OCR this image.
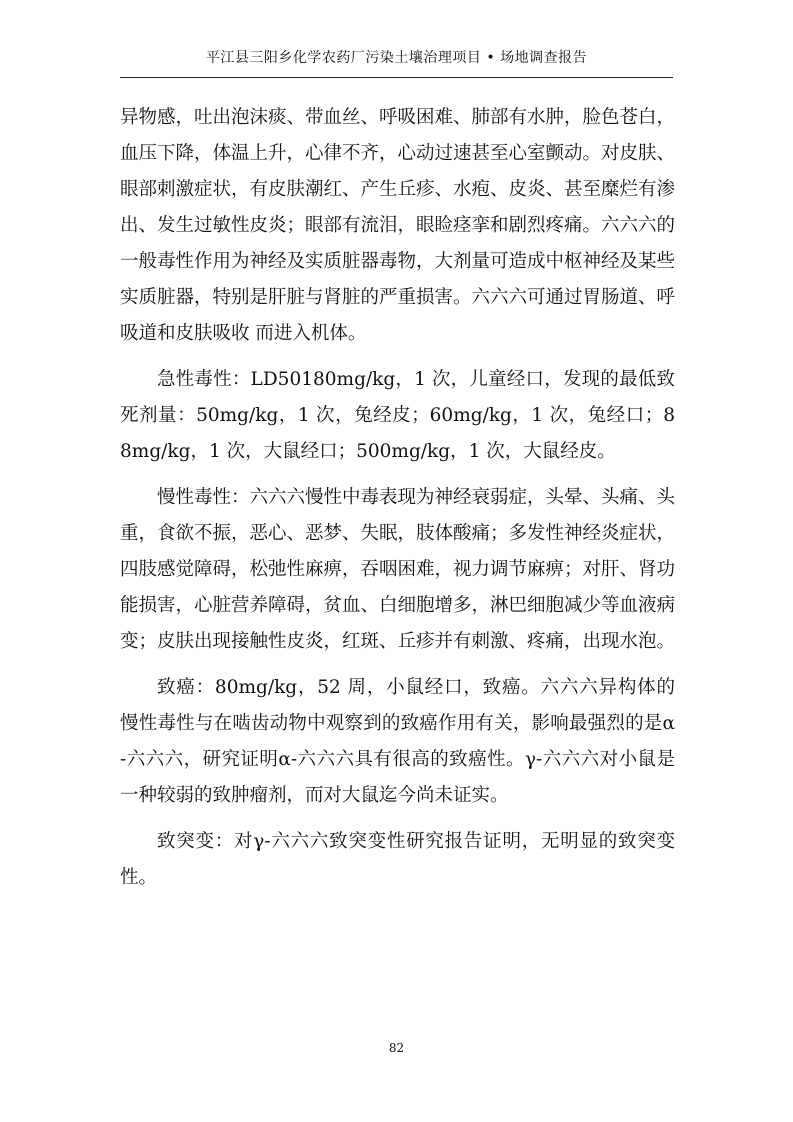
平江县三阳乡化学农药厂污染土壤治理项目 • 场地调查报告

异物感，吐出泡沫痰、带血丝、呼吸困难、肺部有水肿，脸色苍白，血压下降，体温上升，心律不齐，心动过速甚至心室颤动。对皮肤、眼部刺激症状，有皮肤潮红、产生丘疹、水疱、皮炎、甚至糜烂有渗出、发生过敏性皮炎；眼部有流泪，眼睑痉挛和剧烈疼痛。六六六的一般毒性作用为神经及实质脏器毒物，大剂量可造成中枢神经及某些实质脏器，特别是肝脏与肾脏的严重损害。六六六可通过胃肠道、呼吸道和皮肤吸收 而进入机体。

急性毒性：LD50180mg/kg，1 次，儿童经口，发现的最低致死剂量：50mg/kg，1 次，兔经皮；60mg/kg，1 次，兔经口；88mg/kg，1 次，大鼠经口；500mg/kg，1 次，大鼠经皮。

慢性毒性：六六六慢性中毒表现为神经衰弱症，头晕、头痛、头重，食欲不振，恶心、恶梦、失眠，肢体酸痛；多发性神经炎症状，四肢感觉障碍，松弛性麻痹，吞咽困难，视力调节麻痹；对肝、肾功能损害，心脏营养障碍，贫血、白细胞增多，淋巴细胞减少等血液病变；皮肤出现接触性皮炎，红斑、丘疹并有刺激、疼痛，出现水泡。

致癌：80mg/kg，52 周，小鼠经口，致癌。六六六异构体的慢性毒性与在啮齿动物中观察到的致癌作用有关，影响最强烈的是α-六六六，研究证明α-六六六具有很高的致癌性。γ-六六六对小鼠是一种较弱的致肿瘤剂，而对大鼠迄今尚未证实。

致突变：对γ-六六六致突变性研究报告证明，无明显的致突变性。

82
